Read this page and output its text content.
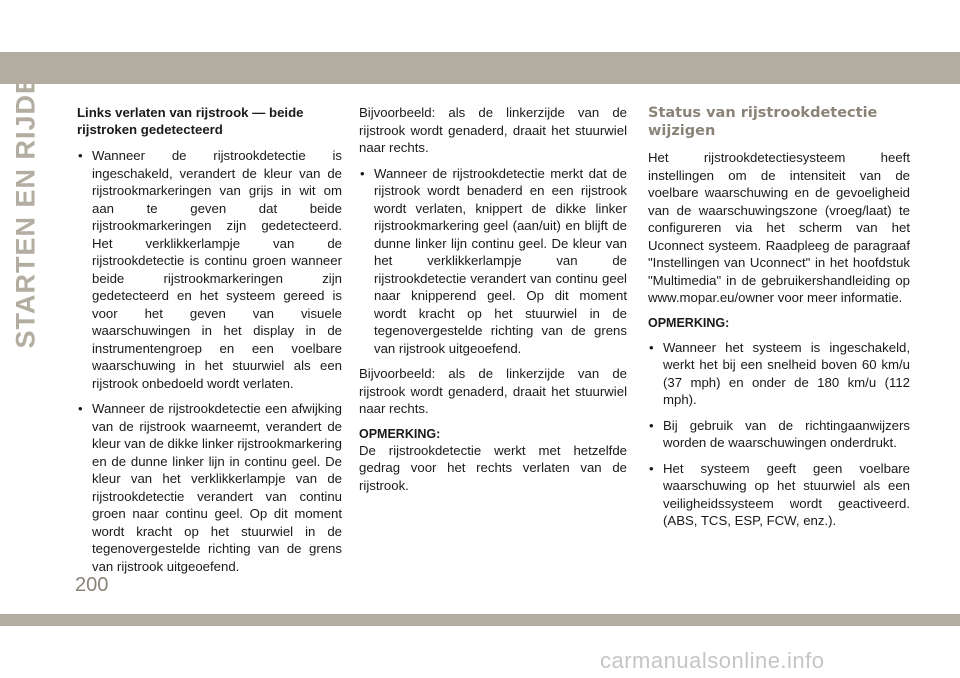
STARTEN EN RIJDEN	Links verlaten van rijstrook — beide rijstroken gedetecteerd
• Wanneer de rijstrookdetectie is ingeschakeld, verandert de kleur van de rijstrookmarkeringen van grijs in wit om aan te geven dat beide rijstrookmarkeringen zijn gedetecteerd. Het verklikkerlampje van de rijstrookdetectie is continu groen wanneer beide rijstrookmarkeringen zijn gedetecteerd en het systeem gereed is voor het geven van visuele waarschuwingen in het display in de instrumentengroep en een voelbare waarschuwing in het stuurwiel als een rijstrook onbedoeld wordt verlaten.
• Wanneer de rijstrookdetectie een afwijking van de rijstrook waarneemt, verandert de kleur van de dikke linker rijstrookmarkering en de dunne linker lijn in continu geel. De kleur van het verklikkerlampje van de rijstrookdetectie verandert van continu groen naar continu geel. Op dit moment wordt kracht op het stuurwiel in de tegenovergestelde richting van de grens van rijstrook uitgeoefend.

Bijvoorbeeld: als de linkerzijde van de rijstrook wordt genaderd, draait het stuurwiel naar rechts.

• Wanneer de rijstrookdetectie merkt dat de rijstrook wordt benaderd en een rijstrook wordt verlaten, knippert de dikke linker rijstrookmarkering geel (aan/uit) en blijft de dunne linker lijn continu geel. De kleur van het verklikkerlampje van de rijstrookdetectie verandert van continu geel naar knipperend geel. Op dit moment wordt kracht op het stuurwiel in de tegenovergestelde richting van de grens van rijstrook uitgeoefend.

Bijvoorbeeld: als de linkerzijde van de rijstrook wordt genaderd, draait het stuurwiel naar rechts.

OPMERKING:

De rijstrookdetectie werkt met hetzelfde gedrag voor het rechts verlaten van de rijstrook.

Status van rijstrookdetectie wijzigen

Het rijstrookdetectiesysteem heeft instellingen om de intensiteit van de voelbare waarschuwing en de gevoeligheid van de waarschuwingszone (vroeg/laat) te configureren via het scherm van het Uconnect systeem. Raadpleeg de paragraaf "Instellingen van Uconnect" in het hoofdstuk "Multimedia" in de gebruikershandleiding op www.mopar.eu/owner voor meer informatie.

OPMERKING:
• Wanneer het systeem is ingeschakeld, werkt het bij een snelheid boven 60 km/u (37 mph) en onder de 180 km/u (112 mph).
• Bij gebruik van de richtingaanwijzers worden de waarschuwingen onderdrukt.
• Het systeem geeft geen voelbare waarschuwing op het stuurwiel als een veiligheidssysteem wordt geactiveerd. (ABS, TCS, ESP, FCW, enz.).
200
carmanualsonline.info
